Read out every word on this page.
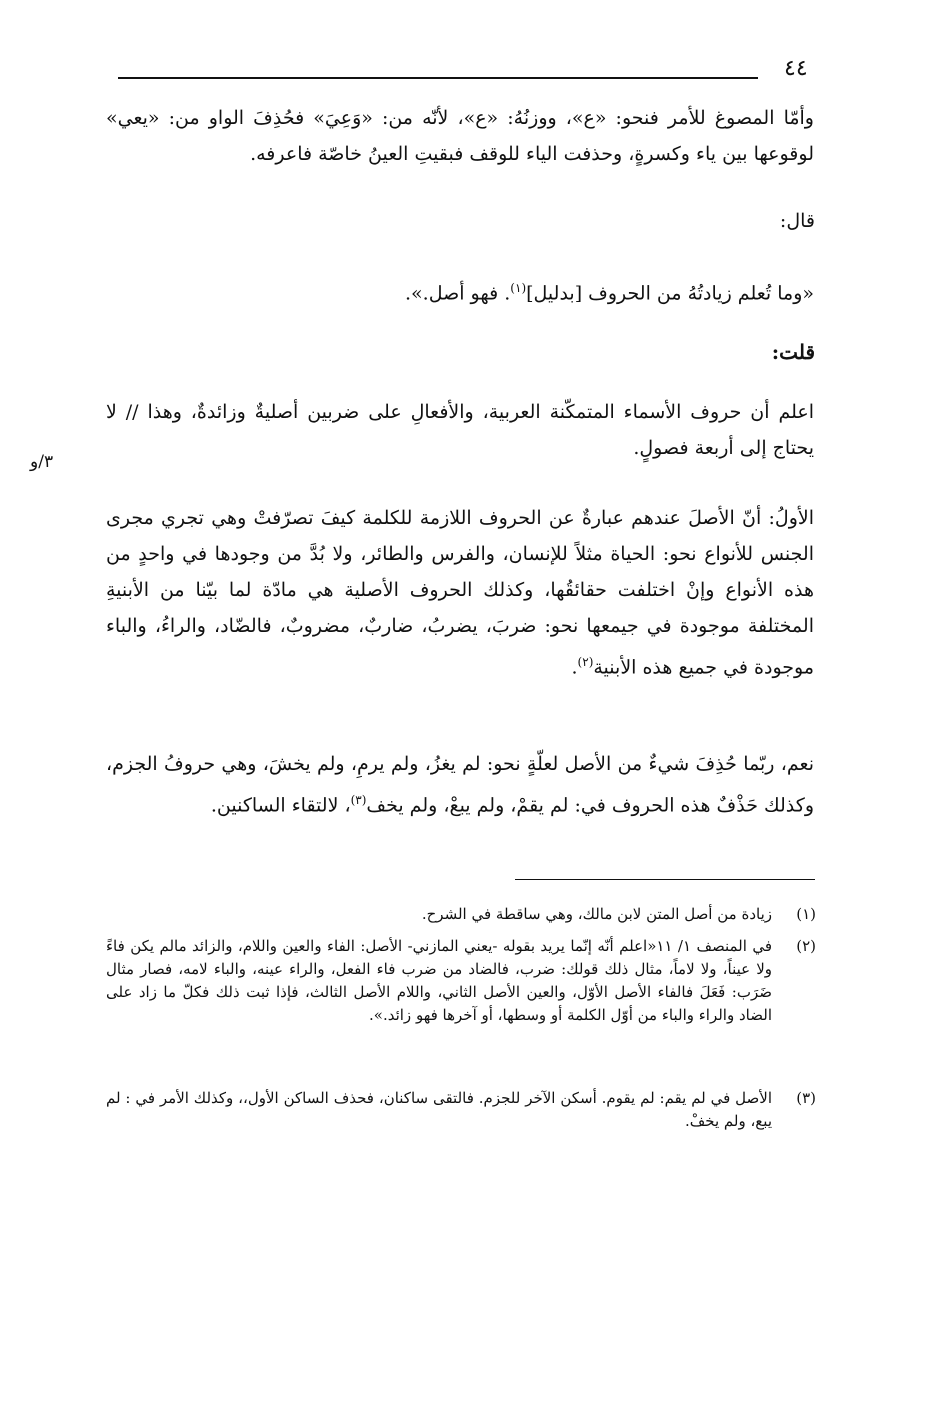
٤٤

وأمّا المصوغ للأمر فنحو: «ع»، ووزنُهُ: «ع»، لأنّه من: «وَعِيَ» فحُذِفَ الواو من: «يعي» لوقوعها بين ياء وكسرةٍ، وحذفت الياء للوقف فبقيتِ العينُ خاصّة فاعرفه.

قال:

«وما تُعلم زيادتُهُ من الحروف [بدليل]$^{(١)}$. فهو أصل.».

قلت:

اعلم أن حروف الأسماء المتمكّنة العربية، والأفعالِ على ضربين أصليةٌ وزائدةٌ، وهذا // لا يحتاج إلى أربعة فصولٍ.

٣/و

الأولُ: أنّ الأصلَ عندهم عبارةٌ عن الحروف اللازمة للكلمة كيفَ تصرّفتْ وهي تجري مجرى الجنس للأنواع نحو: الحياة مثلاً للإنسان، والفرس والطائر، ولا بُدَّ من وجودها في واحدٍ من هذه الأنواع وإنْ اختلفت حقائقُها، وكذلك الحروف الأصلية هي مادّة لما بيّنا من الأبنيةِ المختلفة موجودة في جيمعها نحو: ضربَ، يضربُ، ضاربٌ، مضروبٌ، فالضّاد، والراءُ، والباء موجودة في جميع هذه الأبنية$^{(٢)}$.

نعم، ربّما حُذِفَ شيءٌ من الأصل لعلّةٍ نحو: لم يغزُ، ولم يرمِ، ولم يخشَ، وهي حروفُ الجزم، وكذلك حَذْفٌ هذه الحروف في: لم يقمْ، ولم يبعْ، ولم يخف$^{(٣)}$، لالتقاء الساكنين.

(١)
زيادة من أصل المتن لابن مالك، وهي ساقطة في الشرح.
(٢)
في المنصف ١/ ١١«اعلم أنّه إنّما يريد بقوله -يعني المازني- الأصل: الفاء والعين واللام، والزائد مالم يكن فاءً ولا عيناً، ولا لاماً، مثال ذلك قولك: ضرب، فالضاد من ضرب فاء الفعل، والراء عينه، والباء لامه، فصار مثال ضَرَب: فَعَلَ فالفاء الأصل الأوّل، والعين الأصل الثاني، واللام الأصل الثالث، فإذا ثبت ذلك فكلّ ما زاد على الضاد والراء والباء من أوّل الكلمة أو وسطها، أو آخرها فهو زائد.».
(٣)
الأصل في لم يقم: لم يقوم. أسكن الآخر للجزم. فالتقى ساكنان، فحذف الساكن الأول،، وكذلك الأمر في : لم يبع، ولم يخفْ.
